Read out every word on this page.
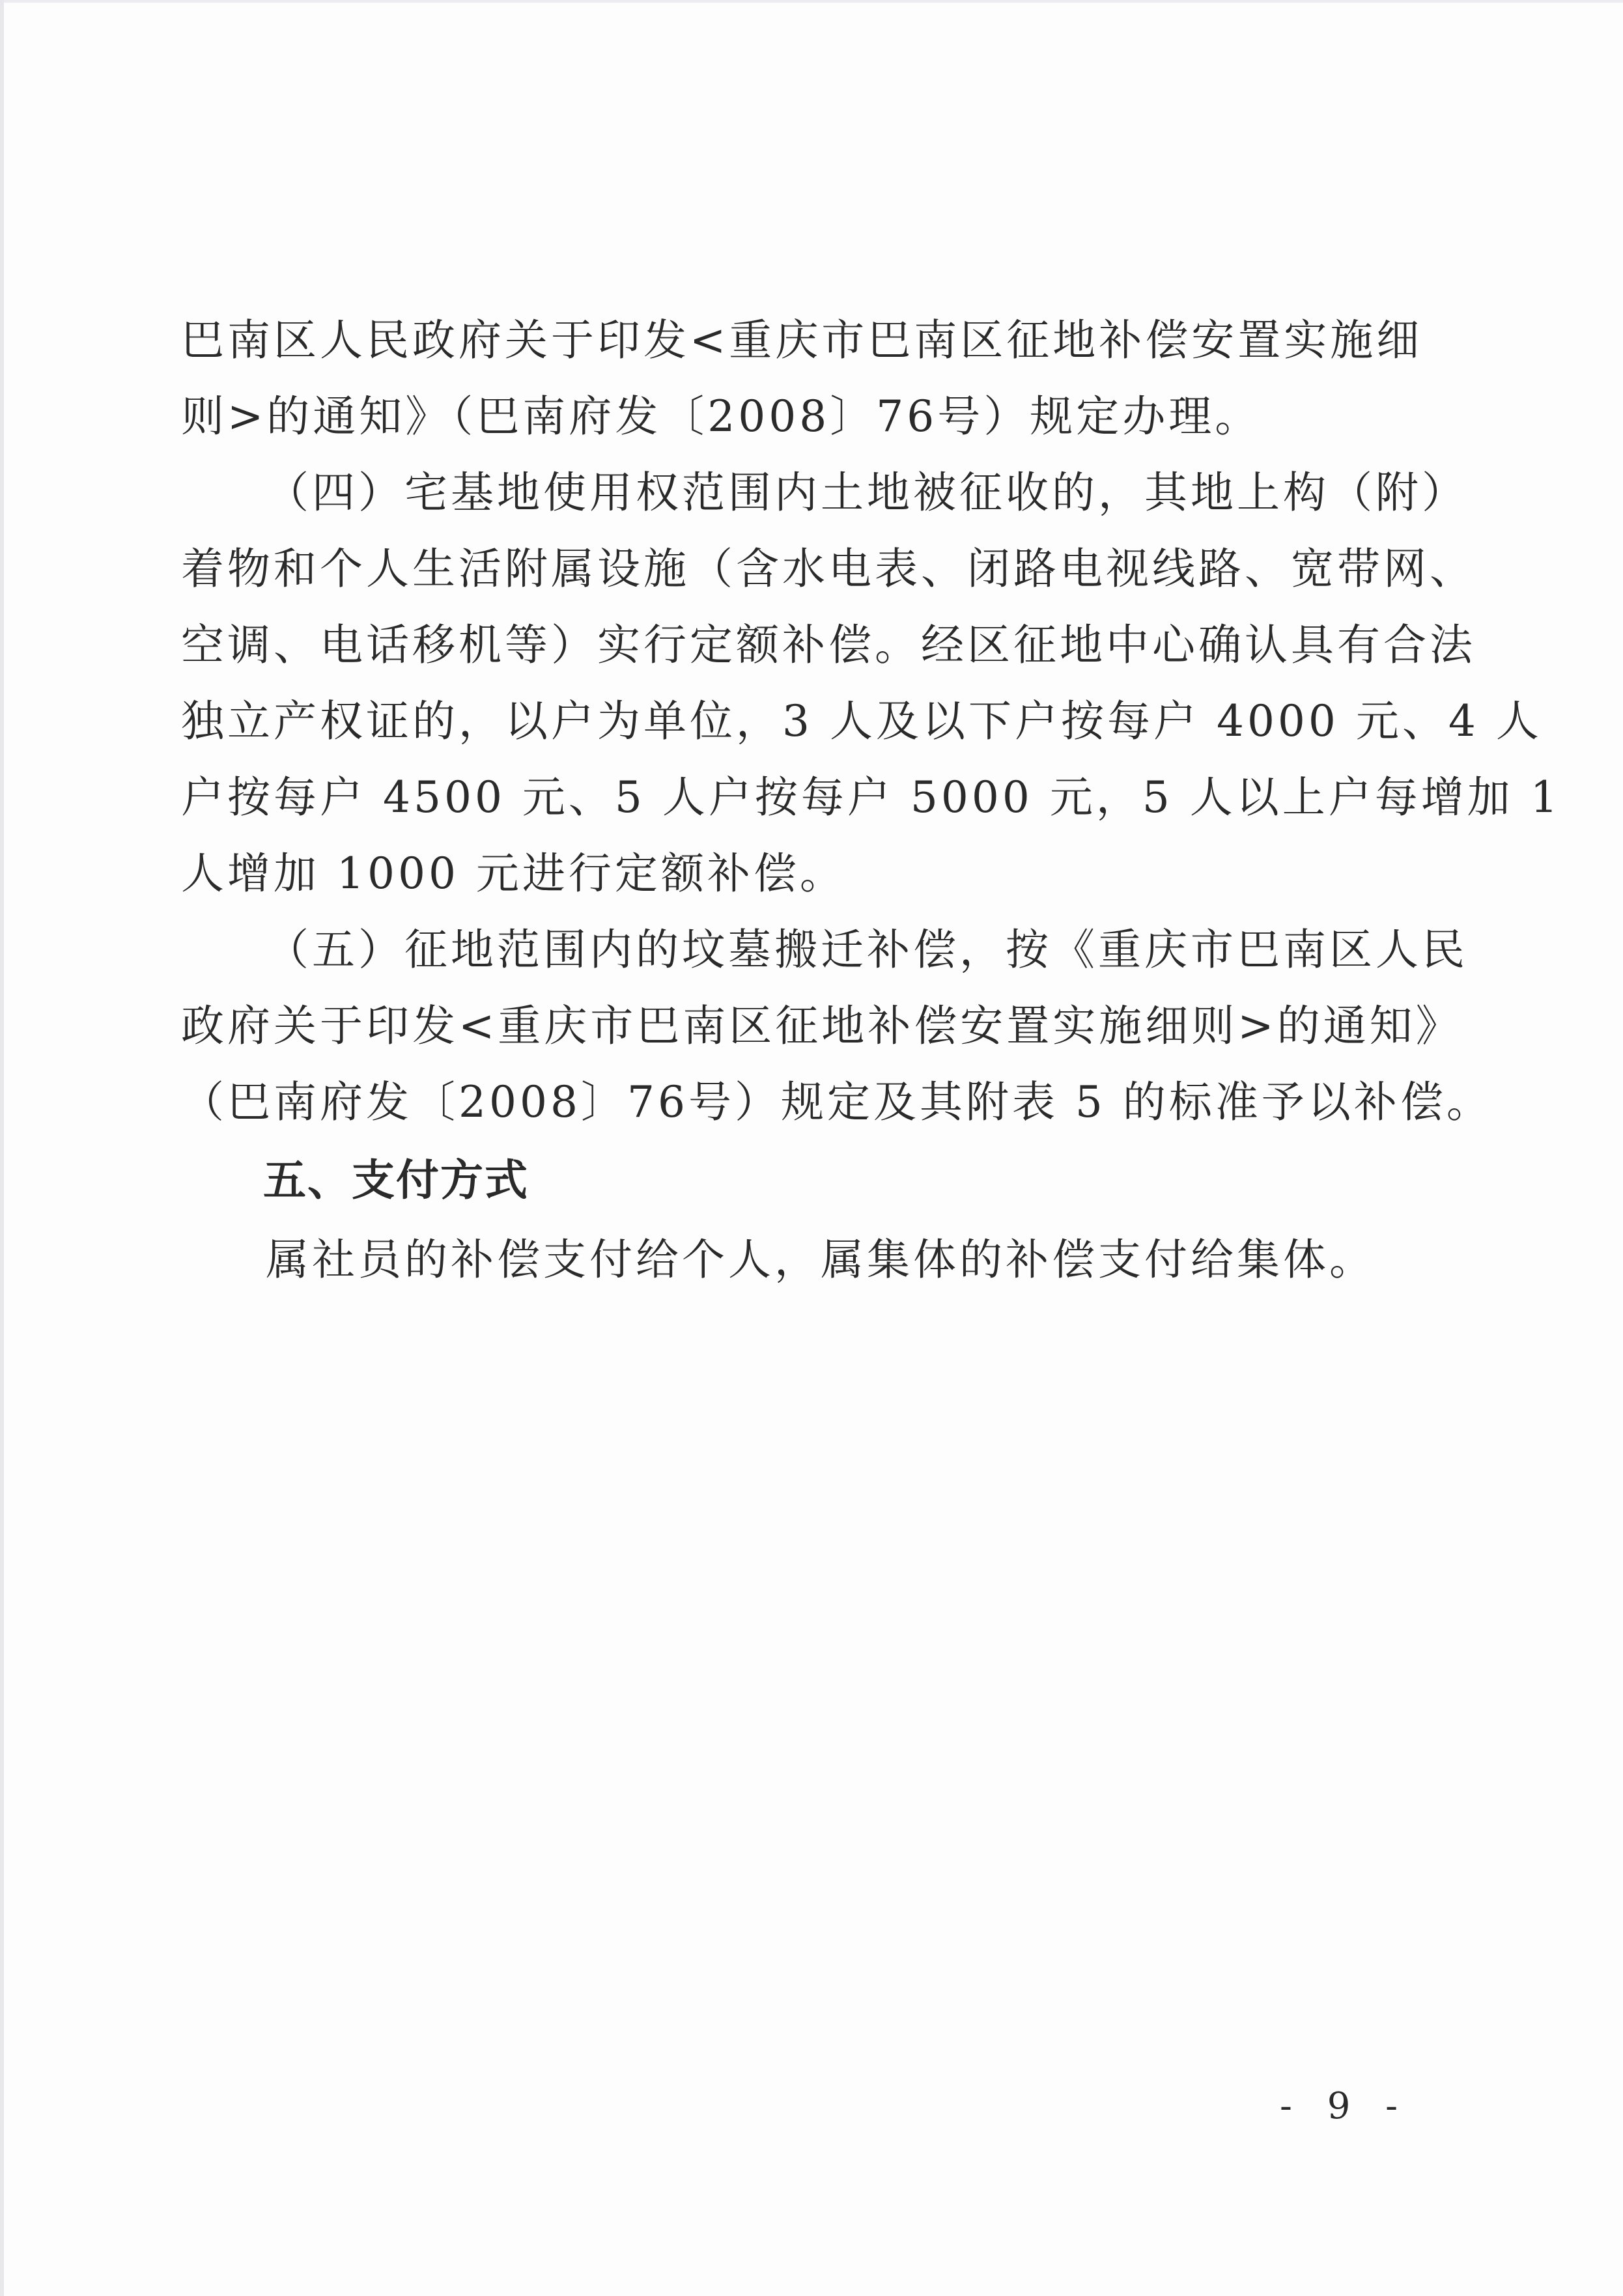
巴南区人民政府关于印发<重庆市巴南区征地补偿安置实施细
则>的通知》（巴南府发〔2008〕76号）规定办理。
（四）宅基地使用权范围内土地被征收的，其地上构（附）
着物和个人生活附属设施（含水电表、闭路电视线路、宽带网、
空调、电话移机等）实行定额补偿。经区征地中心确认具有合法
独立产权证的，以户为单位，3 人及以下户按每户 4000 元、4 人
户按每户 4500 元、5 人户按每户 5000 元，5 人以上户每增加 1
人增加 1000 元进行定额补偿。
（五）征地范围内的坟墓搬迁补偿，按《重庆市巴南区人民
政府关于印发<重庆市巴南区征地补偿安置实施细则>的通知》
（巴南府发〔2008〕76号）规定及其附表 5 的标准予以补偿。
五、支付方式
属社员的补偿支付给个人，属集体的补偿支付给集体。
- 9 -
